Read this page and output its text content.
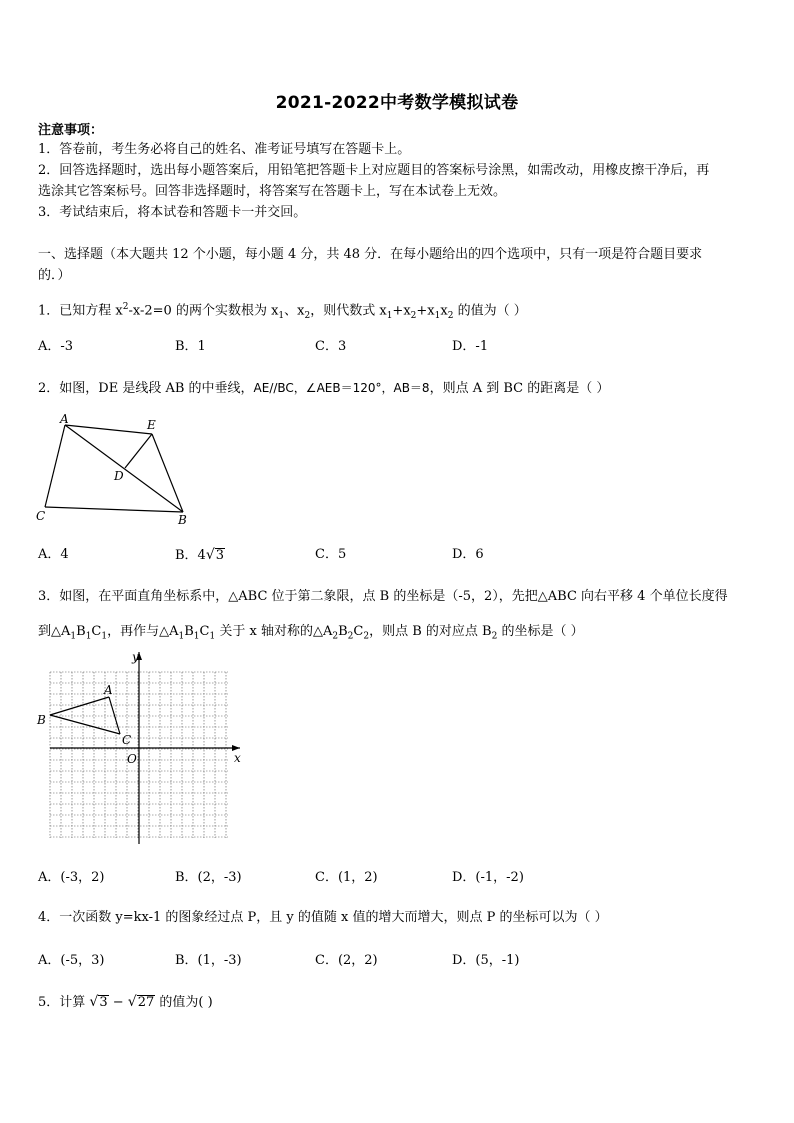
2021-2022中考数学模拟试卷
注意事项：
1．答卷前，考生务必将自己的姓名、准考证号填写在答题卡上。
2．回答选择题时，选出每小题答案后，用铅笔把答题卡上对应题目的答案标号涂黑，如需改动，用橡皮擦干净后，再
选涂其它答案标号。回答非选择题时，将答案写在答题卡上，写在本试卷上无效。
3．考试结束后，将本试卷和答题卡一并交回。
一、选择题（本大题共 12 个小题，每小题 4 分，共 48 分．在每小题给出的四个选项中，只有一项是符合题目要求
的．）
1．已知方程 $x^2-x-2=0$ 的两个实数根为 $x_1$、$x_2$，则代数式 $x_1+x_2+x_1x_2$ 的值为（ ）
A．-3	B．1	C．3	D．-1
2．如图，DE 是线段 AB 的中垂线，AE//BC，∠AEB＝120°，AB＝8，则点 A 到 BC 的距离是（ ）
A	E
D
C	B
A．4	B．4√3	C．5	D．6
3．如图，在平面直角坐标系中，△ABC 位于第二象限，点 B 的坐标是（-5，2），先把△ABC 向右平移 4 个单位长度得
到$\triangle A_1B_1C_1$，再作与$\triangle A_1B_1C_1$ 关于 x 轴对称的$\triangle A_2B_2C_2$，则点 B 的对应点 $B_2$ 的坐标是（ ）
y
A
B
C
O	x
A．(-3，2)	B．(2，-3)	C．(1，2)	D．(-1，-2)
4．一次函数 y=kx-1 的图象经过点 P，且 y 的值随 x 值的增大而增大，则点 P 的坐标可以为（ ）
A．(-5，3)	B．(1，-3)	C．(2，2)	D．(5，-1)
5．计算 √3 − √27 的值为( )
